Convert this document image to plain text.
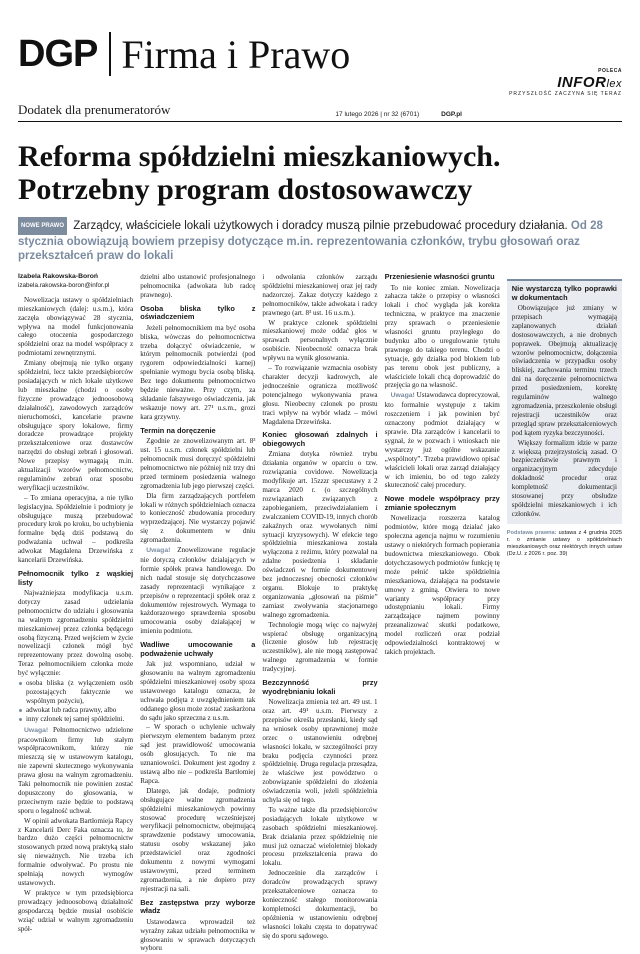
DGP Firma i Prawo	POLECA
INFORlex
PRZYSZŁOŚĆ ZACZYNA SIĘ TERAZ
Dodatek dla prenumeratorów	17 lutego 2026 | nr 32 (6701)	DGP.pl
Reforma spółdzielni mieszkaniowych. Potrzebny program dostosowawczy
NOWE PRAWO Zarządcy, właściciele lokali użytkowych i doradcy muszą pilnie przebudować procedury działania. Od 28 stycznia obowiązują bowiem przepisy dotyczące m.in. reprezentowania członków, trybu głosowań oraz przekształceń praw do lokali
Izabela Rakowska-Boroń
izabela.rakowska-boron@infor.pl

Nowelizacja ustawy o spółdzielniach mieszkaniowych (dalej: u.s.m.), która zaczęła obowiązywać 28 stycznia, wpływa na model funkcjonowania całego otoczenia gospodarczego spółdzielni oraz na model współpracy z podmiotami zewnętrznymi.

Zmiany obejmują nie tylko organy spółdzielni, lecz także przedsiębiorców posiadających w nich lokale użytkowe lub mieszkalne (chodzi o osoby fizyczne prowadzące jednoosobową działalność), zawodowych zarządców nieruchomości, kancelarie prawne obsługujące spory lokalowe, firmy doradcze prowadzące projekty przekształceniowe oraz dostawców narzędzi do obsługi zebrań i głosowań. Nowe przepisy wymagają m.in. aktualizacji wzorów pełnomocnictw, regulaminów zebrań oraz sposobu weryfikacji uczestników.

– To zmiana operacyjna, a nie tylko legislacyjna. Spółdzielnie i podmioty je obsługujące muszą przebudować procedury krok po kroku, bo uchybienia formalne będą dziś podstawą do podważania uchwał – podkreśla adwokat Magdalena Drzewińska z kancelarii Drzewińska.

Pełnomocnik tylko z wąskiej listy

Najważniejsza modyfikacja u.s.m. dotyczy zasad udzielania pełnomocnictw do udziału i głosowania na walnym zgromadzeniu spółdzielni mieszkaniowej przez członka będącego osobą fizyczną. Przed wejściem w życie nowelizacji członek mógł być reprezentowany przez dowolną osobę. Teraz pełnomocnikiem członka może być wyłącznie:

osoba bliska (z wyłączeniem osób pozostających faktycznie we wspólnym pożyciu),
adwokat lub radca prawny, albo
inny członek tej samej spółdzielni.

Uwaga! Pełnomocnictwo udzielone pracownikom firmy lub stałym współpracownikom, którzy nie mieszczą się w ustawowym katalogu, nie zapewni skutecznego wykonywania prawa głosu na walnym zgromadzeniu. Taki pełnomocnik nie powinien zostać dopuszczony do głosowania, w przeciwnym razie będzie to podstawą sporu o legalność uchwał.

W opinii adwokata Bartłomieja Rapcy z Kancelarii Derc Faka oznacza to, że bardzo dużo części pełnomocnictw stosowanych przed nową praktyką stało się nieważnych. Nie trzeba ich formalnie odwoływać. Po prostu nie spełniają nowych wymogów ustawowych.

W praktyce w tym przedsiębiorca prowadzący jednoosobową działalność gospodarczą będzie musiał osobiście wziąć udział w walnym zgromadzeniu spół-

dzielni albo ustanowić profesjonalnego pełnomocnika (adwokata lub radcę prawnego).

Osoba bliska tylko z oświadczeniem

Jeżeli pełnomocnikiem ma być osoba bliska, wówczas do pełnomocnictwa trzeba dołączyć oświadczenie, w którym pełnomocnik potwierdzi (pod rygorem odpowiedzialności karnej) spełnianie wymogu bycia osobą bliską. Bez tego dokumentu pełnomocnictwo będzie nieważne. Przy czym, za składanie fałszywego oświadczenia, jak wskazuje nowy art. 27¹ u.s.m., grozi kara grzywny.

Termin na doręczenie

Zgodnie ze znowelizowanym art. 8³ ust. 15 u.s.m. członek spółdzielni lub pełnomocnik musi doręczyć spółdzielni pełnomocnictwo nie później niż trzy dni przed terminem posiedzenia walnego zgromadzenia lub jego pierwszej części.

Dla firm zarządzających portfelem lokali w różnych spółdzielniach oznacza to konieczność zbudowania procedury wyprzedzającej. Nie wystarczy pojawić się z dokumentem w dniu zgromadzenia.

Uwaga! Znowelizowane regulacje nie dotyczą członków działających w formie spółek prawa handlowego. Do nich nadal stosuje się dotychczasowe zasady reprezentacji wynikające z przepisów o reprezentacji spółek oraz z dokumentów rejestrowych. Wymaga to każdorazowego sprawdzenia sposobu umocowania osoby działającej w imieniu podmiotu.

Wadliwe umocowanie a podważenie uchwały

Jak już wspomniano, udział w głosowaniu na walnym zgromadzeniu spółdzielni mieszkaniowej osoby spoza ustawowego katalogu oznacza, że uchwała podjęta z uwzględnieniem tak oddanego głosu może zostać zaskarżona do sądu jako sprzeczna z u.s.m.

– W sporach o uchylenie uchwały pierwszym elementem badanym przez sąd jest prawidłowość umocowania osób głosujących. To nie ma uznaniowości. Dokument jest zgodny z ustawą albo nie – podkreśla Bartłomiej Rapca.

Dlatego, jak dodaje, podmioty obsługujące walne zgromadzenia spółdzielni mieszkaniowych powinny stosować procedurę wcześniejszej weryfikacji pełnomocnictw, obejmującą sprawdzenie podstawy umocowania, statusu osoby wskazanej jako przedstawiciel oraz zgodności dokumentu z nowymi wymogami ustawowymi, przed terminem zgromadzenia, a nie dopiero przy rejestracji na sali.

Bez zastępstwa przy wyborze władz

Ustawodawca wprowadził też wyraźny zakaz udziału pełnomocnika w głosowaniu w sprawach dotyczących wyboru

i odwołania członków zarządu spółdzielni mieszkaniowej oraz jej rady nadzorczej. Zakaz dotyczy każdego z pełnomocników, także adwokata i radcy prawnego (art. 8³ ust. 16 u.s.m.).

W praktyce członek spółdzielni mieszkaniowej może oddać głos w sprawach personalnych wyłącznie osobiście. Nieobecność oznacza brak wpływu na wynik głosowania.

– To rozwiązanie wzmacnia osobisty charakter decyzji kadrowych, ale jednocześnie ogranicza możliwość potencjalnego wykonywania prawa głosu. Nieobecny członek po prostu traci wpływ na wybór władz – mówi Magdalena Drzewińska.

Koniec głosowań zdalnych i obiegowych

Zmiana dotyka również trybu działania organów w oparciu o tzw. rozwiązania covidowe. Nowelizacja modyfikuje art. 15zzzr specustawy z 2 marca 2020 r. (o szczególnych rozwiązaniach związanych z zapobieganiem, przeciwdziałaniem i zwalczaniem COVID-19, innych chorób zakaźnych oraz wywołanych nimi sytuacji kryzysowych). W efekcie tego spółdzielnia mieszkaniowa została wyłączona z reżimu, który pozwalał na zdalne posiedzenia i składanie oświadczeń w formie dokumentowej bez jednoczesnej obecności członków organu. Blokuje to praktykę organizowania „głosowań na piśmie” zamiast zwoływania stacjonarnego walnego zgromadzenia.

Technologie mogą więc co najwyżej wspierać obsługę organizacyjną (liczenie głosów lub rejestrację uczestników), ale nie mogą zastępować walnego zgromadzenia w formie tradycyjnej.

Bezczynność przy wyodrębnianiu lokali

Nowelizacja zmienia też art. 49 ust. 1 oraz art. 49¹ u.s.m. Pierwszy z przepisów określa przesłanki, kiedy sąd na wniosek osoby uprawnionej może orzec o ustanowieniu odrębnej własności lokalu, w szczególności przy braku podjęcia czynności przez spółdzielnię. Druga regulacja przesądza, że właściwe jest powództwo o zobowiązanie spółdzielni do złożenia oświadczenia woli, jeżeli spółdzielnia uchyla się od tego.

To ważne także dla przedsiębiorców posiadających lokale użytkowe w zasobach spółdzielni mieszkaniowej. Brak działania przez spółdzielnię nie musi już oznaczać wieloletniej blokady procesu przekształcenia prawa do lokalu.

Jednocześnie dla zarządców i doradców prowadzących sprawy przekształceniowe oznacza to konieczność stałego monitorowania kompletności dokumentacji, bo opóźnienia w ustanowieniu odrębnej własności lokalu częsta to dopatrywać się do sporu sądowego.

Przeniesienie własności gruntu

To nie koniec zmian. Nowelizacja zahacza także o przepisy o własności lokali i choć wygląda jak korekta techniczna, w praktyce ma znaczenie przy sprawach o przeniesienie własności gruntu przyległego do budynku albo o uregulowanie tytułu prawnego do takiego terenu. Chodzi o sytuacje, gdy działka pod blokiem lub pas terenu obok jest publiczny, a właściciele lokali chcą doprowadzić do przejęcia go na własność.

Uwaga! Ustawodawca doprecyzował, kto formalnie występuje z takim roszczeniem i jak powinien być oznaczony podmiot działający w sprawie. Dla zarządców i kancelarii to sygnał, że w pozwach i wnioskach nie wystarczy już ogólne wskazanie „wspólnoty”. Trzeba prawidłowo opisać właścicieli lokali oraz zarząd działający w ich imieniu, bo od tego zależy skuteczność całej procedury.

Nowe modele współpracy przy zmianie społecznym

Nowelizacja rozszerza katalog podmiotów, które mogą działać jako społeczna agencja najmu w rozumieniu ustawy o niektórych formach popierania budownictwa mieszkaniowego. Obok dotychczasowych podmiotów funkcję tę może pełnić także spółdzielnia mieszkaniowa, działająca na podstawie umowy z gminą. Otwiera to nowe warianty współpracy przy udostępnianiu lokali. Firmy zarządzające najmem powinny przeanalizować skutki podatkowe, model rozliczeń oraz podział odpowiedzialności kontraktowej w takich projektach.

Nie wystarczą tylko poprawki w dokumentach

Obowiązujące już zmiany w przepisach wymagają zaplanowanych działań dostosowawczych, a nie drobnych poprawek. Obejmują aktualizację wzorów pełnomocnictw, dołączenia oświadczenia w przypadku osoby bliskiej, zachowania terminu trzech dni na doręczenie pełnomocnictwa przed posiedzeniem, korektę regulaminów walnego zgromadzenia, przeszkolenie obsługi rejestracji uczestników oraz przegląd spraw przekształceniowych pod kątem ryzyka bezczynności.

Większy formalizm idzie w parze z większą przejrzystością zasad. O bezpieczeństwie prawnym i organizacyjnym zdecyduje dokładność procedur oraz kompletność dokumentacji stosowanej przy obsłudze spółdzielni mieszkaniowych i ich członków.

Podstawa prawna: ustawa z 4 grudnia 2025 r. o zmianie ustawy o spółdzielniach mieszkaniowych oraz niektórych innych ustaw (Dz.U. z 2026 r. poz. 39)
